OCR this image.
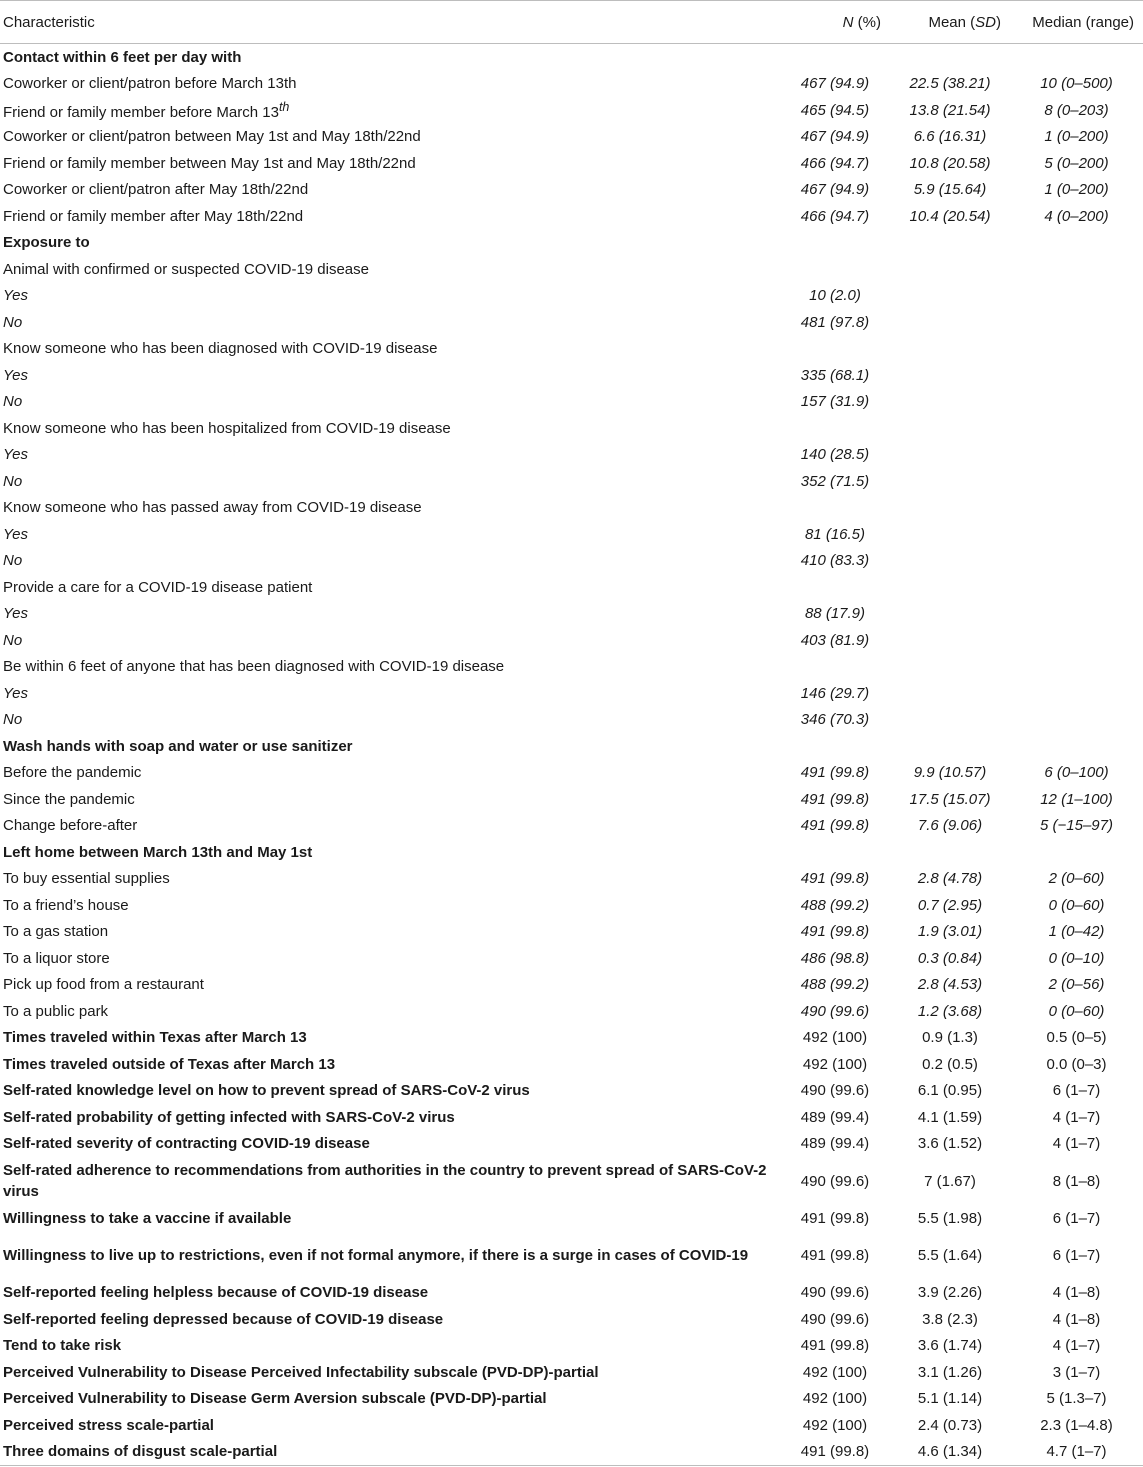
Characteristic	N (%)	Mean (SD)	Median (range)
Contact within 6 feet per day with			
Coworker or client/patron before March 13th	467 (94.9)	22.5 (38.21)	10 (0–500)
Friend or family member before March 13th	465 (94.5)	13.8 (21.54)	8 (0–203)
Coworker or client/patron between May 1st and May 18th/22nd	467 (94.9)	6.6 (16.31)	1 (0–200)
Friend or family member between May 1st and May 18th/22nd	466 (94.7)	10.8 (20.58)	5 (0–200)
Coworker or client/patron after May 18th/22nd	467 (94.9)	5.9 (15.64)	1 (0–200)
Friend or family member after May 18th/22nd	466 (94.7)	10.4 (20.54)	4 (0–200)
Exposure to			
Animal with confirmed or suspected COVID-19 disease			
Yes	10 (2.0)		
No	481 (97.8)		
Know someone who has been diagnosed with COVID-19 disease			
Yes	335 (68.1)		
No	157 (31.9)		
Know someone who has been hospitalized from COVID-19 disease			
Yes	140 (28.5)		
No	352 (71.5)		
Know someone who has passed away from COVID-19 disease			
Yes	81 (16.5)		
No	410 (83.3)		
Provide a care for a COVID-19 disease patient			
Yes	88 (17.9)		
No	403 (81.9)		
Be within 6 feet of anyone that has been diagnosed with COVID-19 disease			
Yes	146 (29.7)		
No	346 (70.3)		
Wash hands with soap and water or use sanitizer			
Before the pandemic	491 (99.8)	9.9 (10.57)	6 (0–100)
Since the pandemic	491 (99.8)	17.5 (15.07)	12 (1–100)
Change before-after	491 (99.8)	7.6 (9.06)	5 (−15–97)
Left home between March 13th and May 1st			
To buy essential supplies	491 (99.8)	2.8 (4.78)	2 (0–60)
To a friend’s house	488 (99.2)	0.7 (2.95)	0 (0–60)
To a gas station	491 (99.8)	1.9 (3.01)	1 (0–42)
To a liquor store	486 (98.8)	0.3 (0.84)	0 (0–10)
Pick up food from a restaurant	488 (99.2)	2.8 (4.53)	2 (0–56)
To a public park	490 (99.6)	1.2 (3.68)	0 (0–60)
Times traveled within Texas after March 13	492 (100)	0.9 (1.3)	0.5 (0–5)
Times traveled outside of Texas after March 13	492 (100)	0.2 (0.5)	0.0 (0–3)
Self-rated knowledge level on how to prevent spread of SARS-CoV-2 virus	490 (99.6)	6.1 (0.95)	6 (1–7)
Self-rated probability of getting infected with SARS-CoV-2 virus	489 (99.4)	4.1 (1.59)	4 (1–7)
Self-rated severity of contracting COVID-19 disease	489 (99.4)	3.6 (1.52)	4 (1–7)
Self-rated adherence to recommendations from authorities in the country to prevent spread of SARS-CoV-2 virus	490 (99.6)	7 (1.67)	8 (1–8)
Willingness to take a vaccine if available	491 (99.8)	5.5 (1.98)	6 (1–7)
Willingness to live up to restrictions, even if not formal anymore, if there is a surge in cases of COVID-19	491 (99.8)	5.5 (1.64)	6 (1–7)
Self-reported feeling helpless because of COVID-19 disease	490 (99.6)	3.9 (2.26)	4 (1–8)
Self-reported feeling depressed because of COVID-19 disease	490 (99.6)	3.8 (2.3)	4 (1–8)
Tend to take risk	491 (99.8)	3.6 (1.74)	4 (1–7)
Perceived Vulnerability to Disease Perceived Infectability subscale (PVD-DP)-partial	492 (100)	3.1 (1.26)	3 (1–7)
Perceived Vulnerability to Disease Germ Aversion subscale (PVD-DP)-partial	492 (100)	5.1 (1.14)	5 (1.3–7)
Perceived stress scale-partial	492 (100)	2.4 (0.73)	2.3 (1–4.8)
Three domains of disgust scale-partial	491 (99.8)	4.6 (1.34)	4.7 (1–7)
